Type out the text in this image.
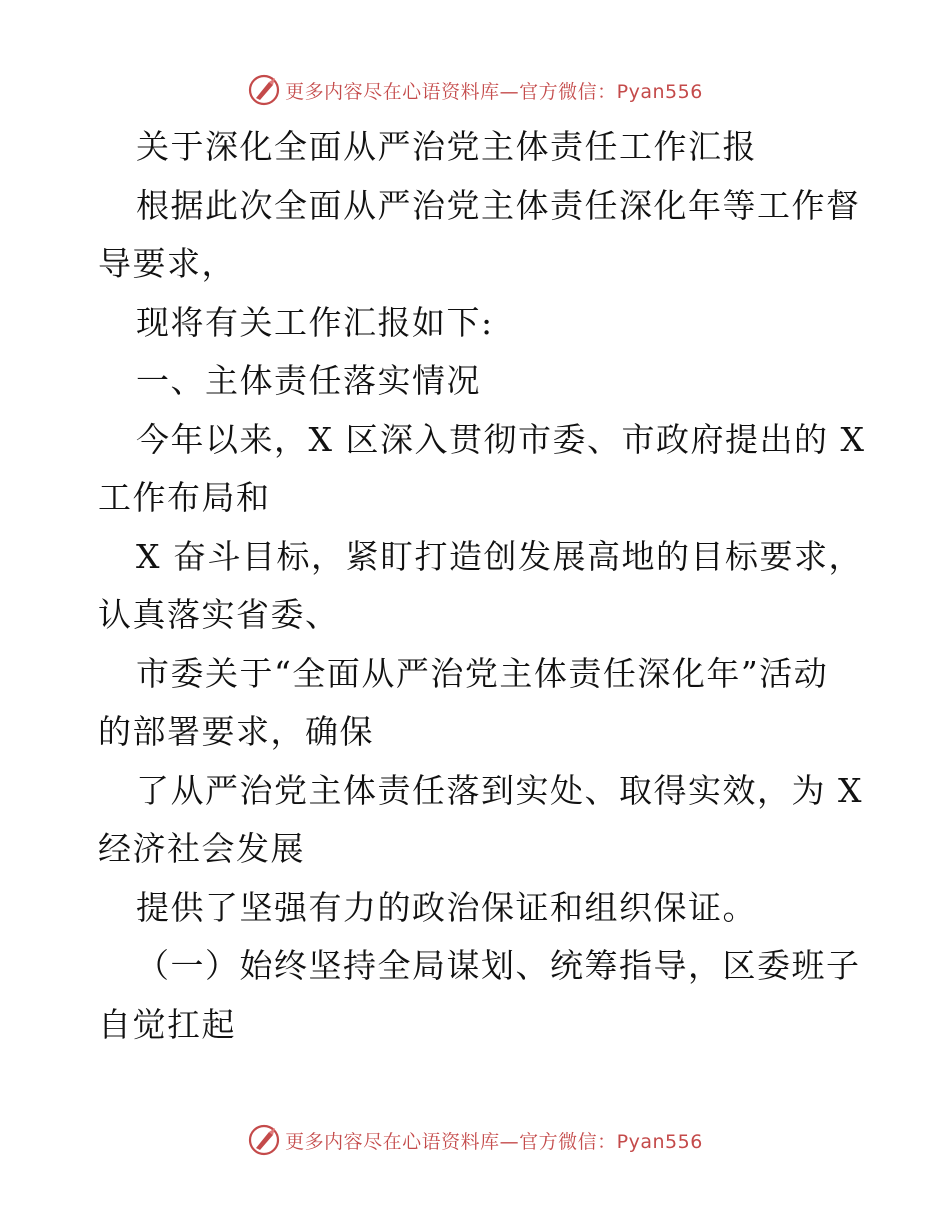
更多内容尽在心语资料库—官方微信：Pyan556
关于深化全面从严治党主体责任工作汇报
根据此次全面从严治党主体责任深化年等工作督
导要求，
现将有关工作汇报如下:
一、主体责任落实情况
今年以来，X 区深入贯彻市委、市政府提出的 X
工作布局和
X 奋斗目标，紧盯打造创发展高地的目标要求，
认真落实省委、
市委关于“全面从严治党主体责任深化年”活动
的部署要求，确保
了从严治党主体责任落到实处、取得实效，为 X
经济社会发展
提供了坚强有力的政治保证和组织保证。
（一）始终坚持全局谋划、统筹指导，区委班子
自觉扛起
更多内容尽在心语资料库—官方微信：Pyan556
